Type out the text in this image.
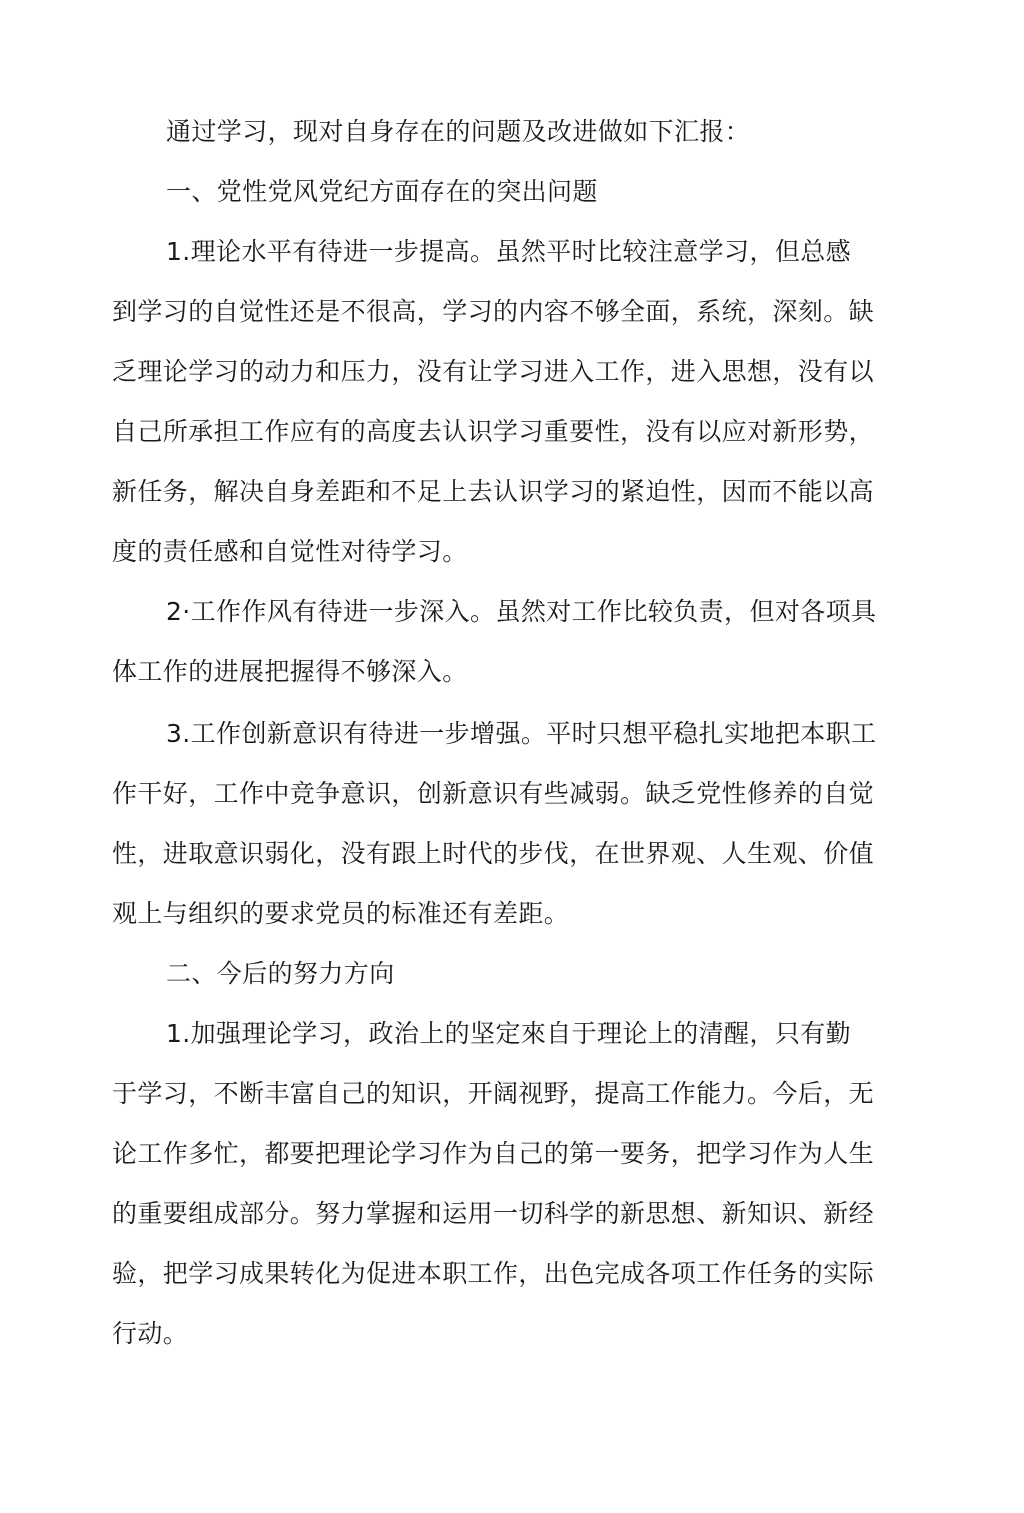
通过学习，现对自身存在的问题及改进做如下汇报：
一、党性党风党纪方面存在的突出问题
1.理论水平有待进一步提高。虽然平时比较注意学习，但总感
到学习的自觉性还是不很高，学习的内容不够全面，系统，深刻。缺
乏理论学习的动力和压力，没有让学习进入工作，进入思想，没有以
自己所承担工作应有的高度去认识学习重要性，没有以应对新形势，
新任务，解决自身差距和不足上去认识学习的紧迫性，因而不能以高
度的责任感和自觉性对待学习。
2·工作作风有待进一步深入。虽然对工作比较负责，但对各项具
体工作的进展把握得不够深入。
3.工作创新意识有待进一步增强。平时只想平稳扎实地把本职工
作干好，工作中竞争意识，创新意识有些减弱。缺乏党性修养的自觉
性，进取意识弱化，没有跟上时代的步伐，在世界观、人生观、价值
观上与组织的要求党员的标准还有差距。
二、今后的努力方向
1.加强理论学习，政治上的坚定來自于理论上的清醒，只有勤
于学习，不断丰富自己的知识，开阔视野，提高工作能力。今后，无
论工作多忙，都要把理论学习作为自己的第一要务，把学习作为人生
的重要组成部分。努力掌握和运用一切科学的新思想、新知识、新经
验，把学习成果转化为促进本职工作，出色完成各项工作任务的实际
行动。
